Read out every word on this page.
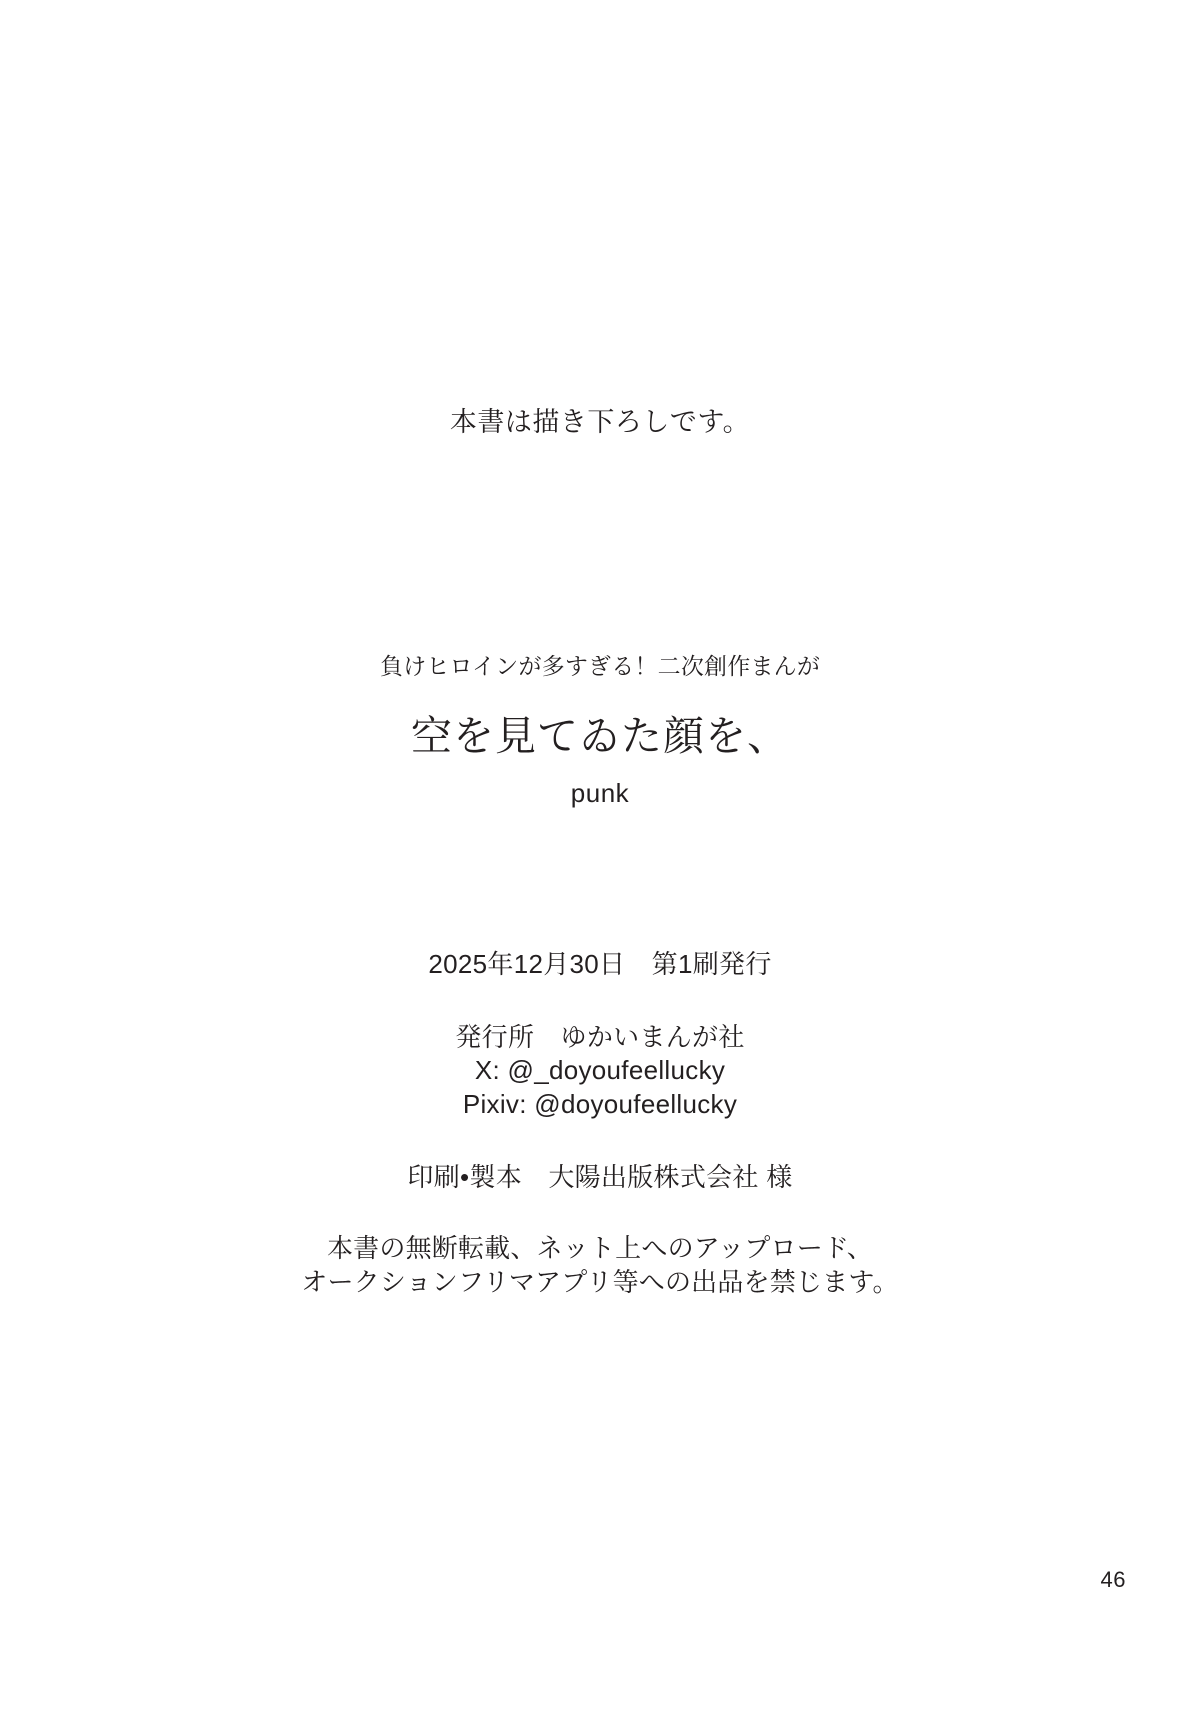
本書は描き下ろしです。

負けヒロインが多すぎる！二次創作まんが

空を見てゐた顔を、

punk

2025年12月30日　第1刷発行
発行所　ゆかいまんが社
X: @_doyoufeellucky
Pixiv: @doyoufeellucky
印刷•製本　大陽出版株式会社 様
本書の無断転載、ネット上へのアップロード、
オークションフリマアプリ等への出品を禁じます。
46
